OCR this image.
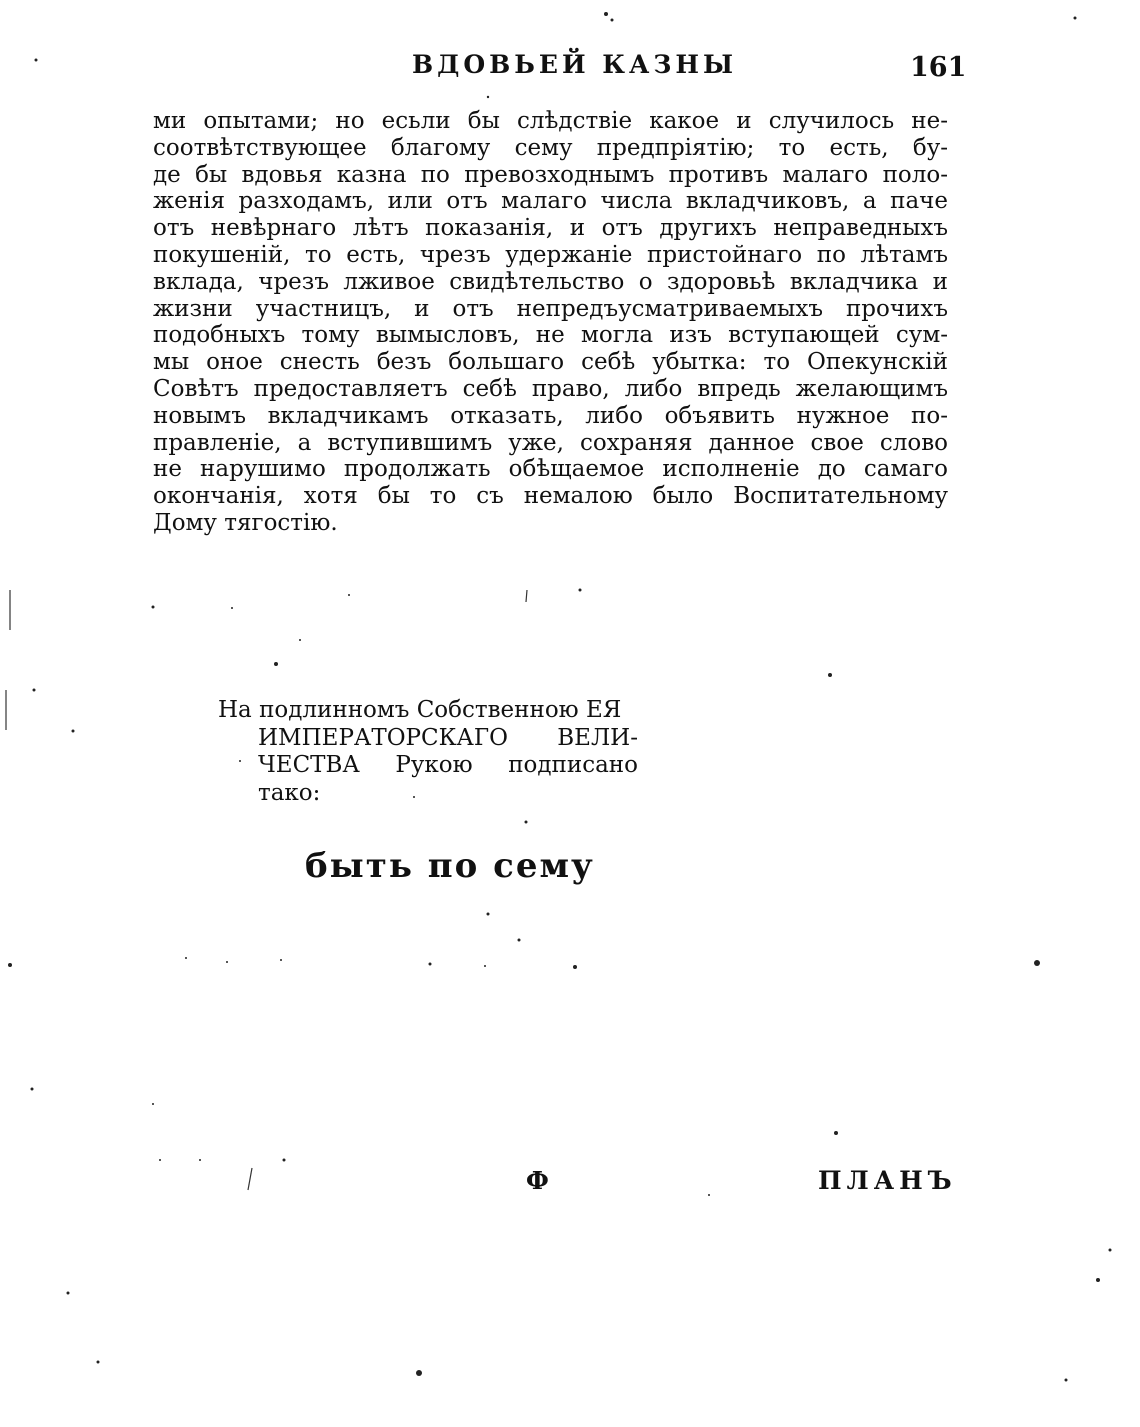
ВДОВЬЕЙ КАЗНЫ	161
ми опытами; но есьли бы слѣдствіе какое и случилось не-
соотвѣтствующее благому сему предпріятію; то есть, бу-
де бы вдовья казна по превозходнымъ противъ малаго поло-
женія разходамъ, или отъ малаго числа вкладчиковъ, а паче
отъ невѣрнаго лѣтъ показанія, и отъ другихъ неправедныхъ
покушеній, то есть, чрезъ удержаніе пристойнаго по лѣтамъ
вклада, чрезъ лживое свидѣтельство о здоровьѣ вкладчика и
жизни участницъ, и отъ непредъусматриваемыхъ прочихъ
подобныхъ тому вымысловъ, не могла изъ вступающей сум-
мы оное снесть безъ большаго себѣ убытка: то Опекунскій
Совѣтъ предоставляетъ себѣ право, либо впредь желающимъ
новымъ вкладчикамъ отказать, либо объявить нужное по-
правленіе, а вступившимъ уже, сохраняя данное свое слово
не нарушимо продолжать обѣщаемое исполненіе до самаго
окончанія, хотя бы то съ немалою было Воспитательному
Дому тягостію.
На подлинномъ Собственною ЕЯ
ИМПЕРАТОРСКАГО ВЕЛИ-
ЧЕСТВА Рукою подписано
тако:
быть по сему
Ф	ПЛАНЪ
